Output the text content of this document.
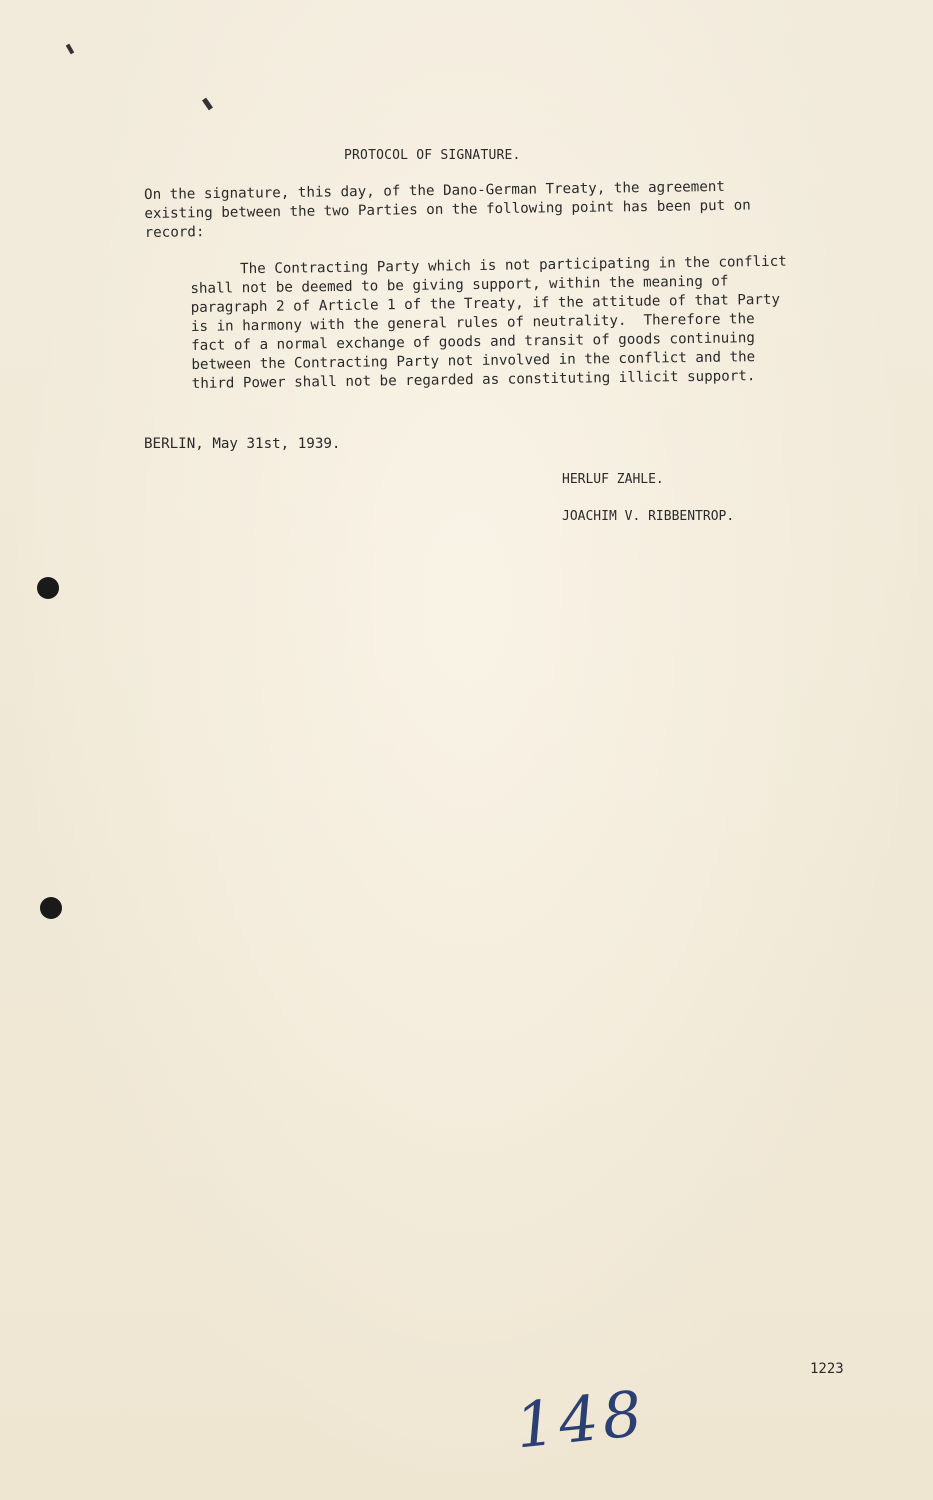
PROTOCOL OF SIGNATURE.
On the signature, this day, of the Dano-German Treaty, the agreement
existing between the two Parties on the following point has been put on
record:
The Contracting Party which is not participating in the conflict
shall not be deemed to be giving support, within the meaning of
paragraph 2 of Article 1 of the Treaty, if the attitude of that Party
is in harmony with the general rules of neutrality.  Therefore the
fact of a normal exchange of goods and transit of goods continuing
between the Contracting Party not involved in the conflict and the
third Power shall not be regarded as constituting illicit support.
BERLIN, May 31st, 1939.
HERLUF ZAHLE.
JOACHIM V. RIBBENTROP.
1223
148
